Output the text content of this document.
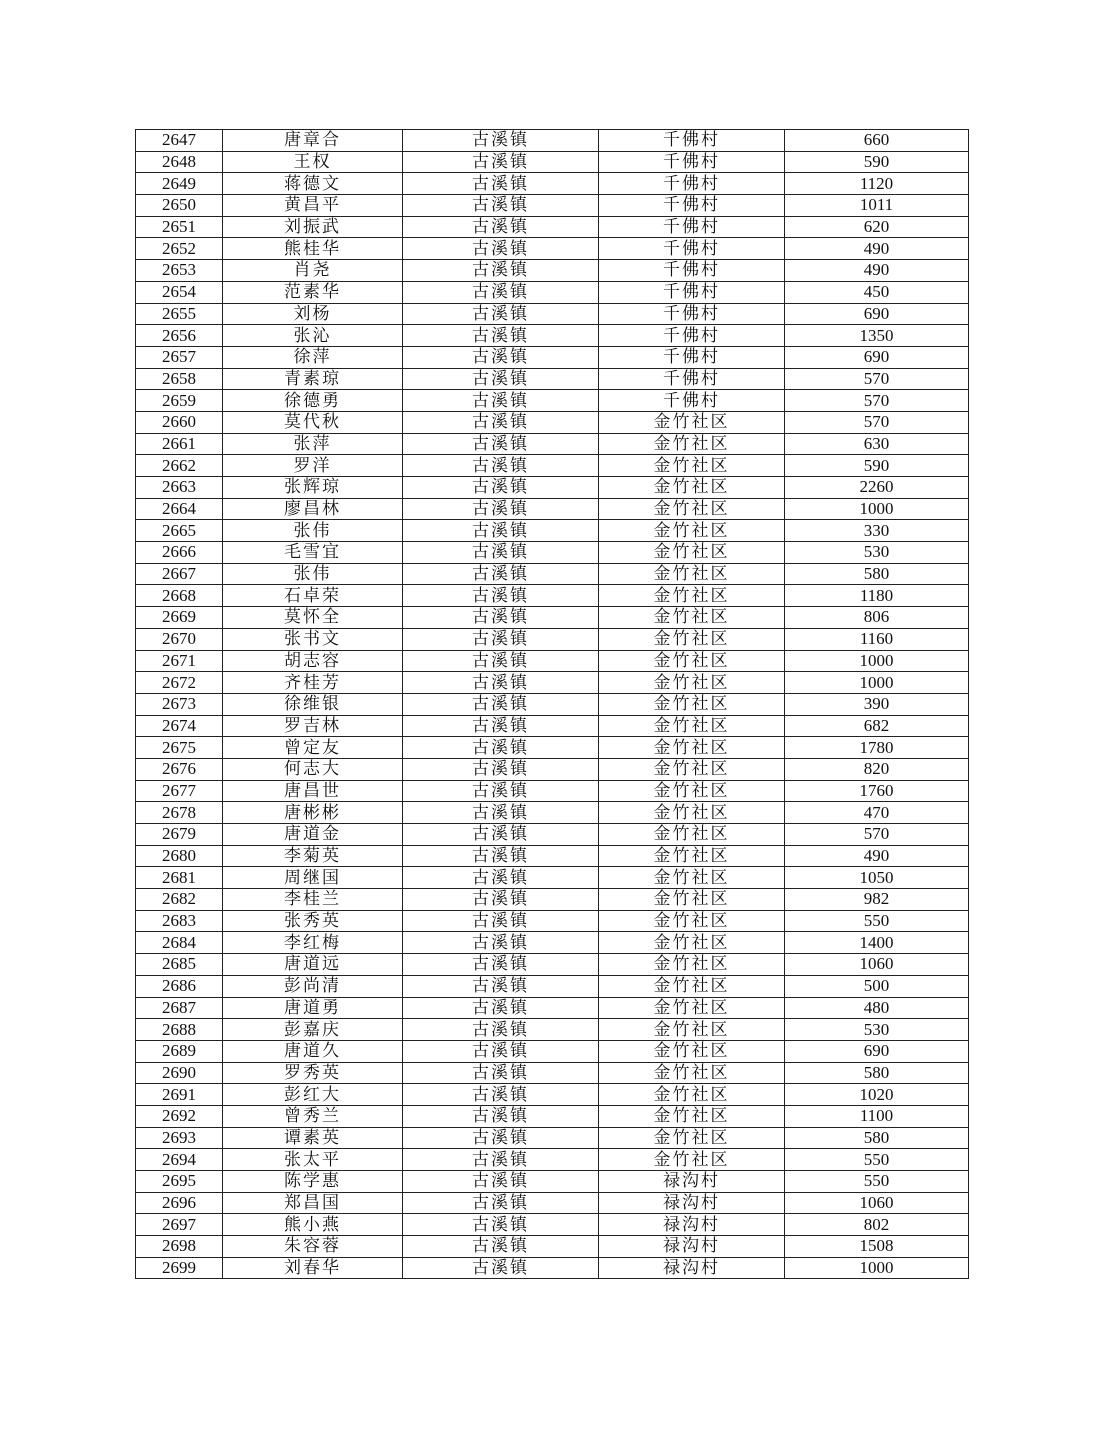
2647	唐章合	古溪镇	千佛村	660
2648	王权	古溪镇	千佛村	590
2649	蒋德文	古溪镇	千佛村	1120
2650	黄昌平	古溪镇	千佛村	1011
2651	刘振武	古溪镇	千佛村	620
2652	熊桂华	古溪镇	千佛村	490
2653	肖尧	古溪镇	千佛村	490
2654	范素华	古溪镇	千佛村	450
2655	刘杨	古溪镇	千佛村	690
2656	张沁	古溪镇	千佛村	1350
2657	徐萍	古溪镇	千佛村	690
2658	青素琼	古溪镇	千佛村	570
2659	徐德勇	古溪镇	千佛村	570
2660	莫代秋	古溪镇	金竹社区	570
2661	张萍	古溪镇	金竹社区	630
2662	罗洋	古溪镇	金竹社区	590
2663	张辉琼	古溪镇	金竹社区	2260
2664	廖昌林	古溪镇	金竹社区	1000
2665	张伟	古溪镇	金竹社区	330
2666	毛雪宜	古溪镇	金竹社区	530
2667	张伟	古溪镇	金竹社区	580
2668	石卓荣	古溪镇	金竹社区	1180
2669	莫怀全	古溪镇	金竹社区	806
2670	张书文	古溪镇	金竹社区	1160
2671	胡志容	古溪镇	金竹社区	1000
2672	齐桂芳	古溪镇	金竹社区	1000
2673	徐维银	古溪镇	金竹社区	390
2674	罗吉林	古溪镇	金竹社区	682
2675	曾定友	古溪镇	金竹社区	1780
2676	何志大	古溪镇	金竹社区	820
2677	唐昌世	古溪镇	金竹社区	1760
2678	唐彬彬	古溪镇	金竹社区	470
2679	唐道金	古溪镇	金竹社区	570
2680	李菊英	古溪镇	金竹社区	490
2681	周继国	古溪镇	金竹社区	1050
2682	李桂兰	古溪镇	金竹社区	982
2683	张秀英	古溪镇	金竹社区	550
2684	李红梅	古溪镇	金竹社区	1400
2685	唐道远	古溪镇	金竹社区	1060
2686	彭尚清	古溪镇	金竹社区	500
2687	唐道勇	古溪镇	金竹社区	480
2688	彭嘉庆	古溪镇	金竹社区	530
2689	唐道久	古溪镇	金竹社区	690
2690	罗秀英	古溪镇	金竹社区	580
2691	彭红大	古溪镇	金竹社区	1020
2692	曾秀兰	古溪镇	金竹社区	1100
2693	谭素英	古溪镇	金竹社区	580
2694	张太平	古溪镇	金竹社区	550
2695	陈学惠	古溪镇	禄沟村	550
2696	郑昌国	古溪镇	禄沟村	1060
2697	熊小燕	古溪镇	禄沟村	802
2698	朱容蓉	古溪镇	禄沟村	1508
2699	刘春华	古溪镇	禄沟村	1000
